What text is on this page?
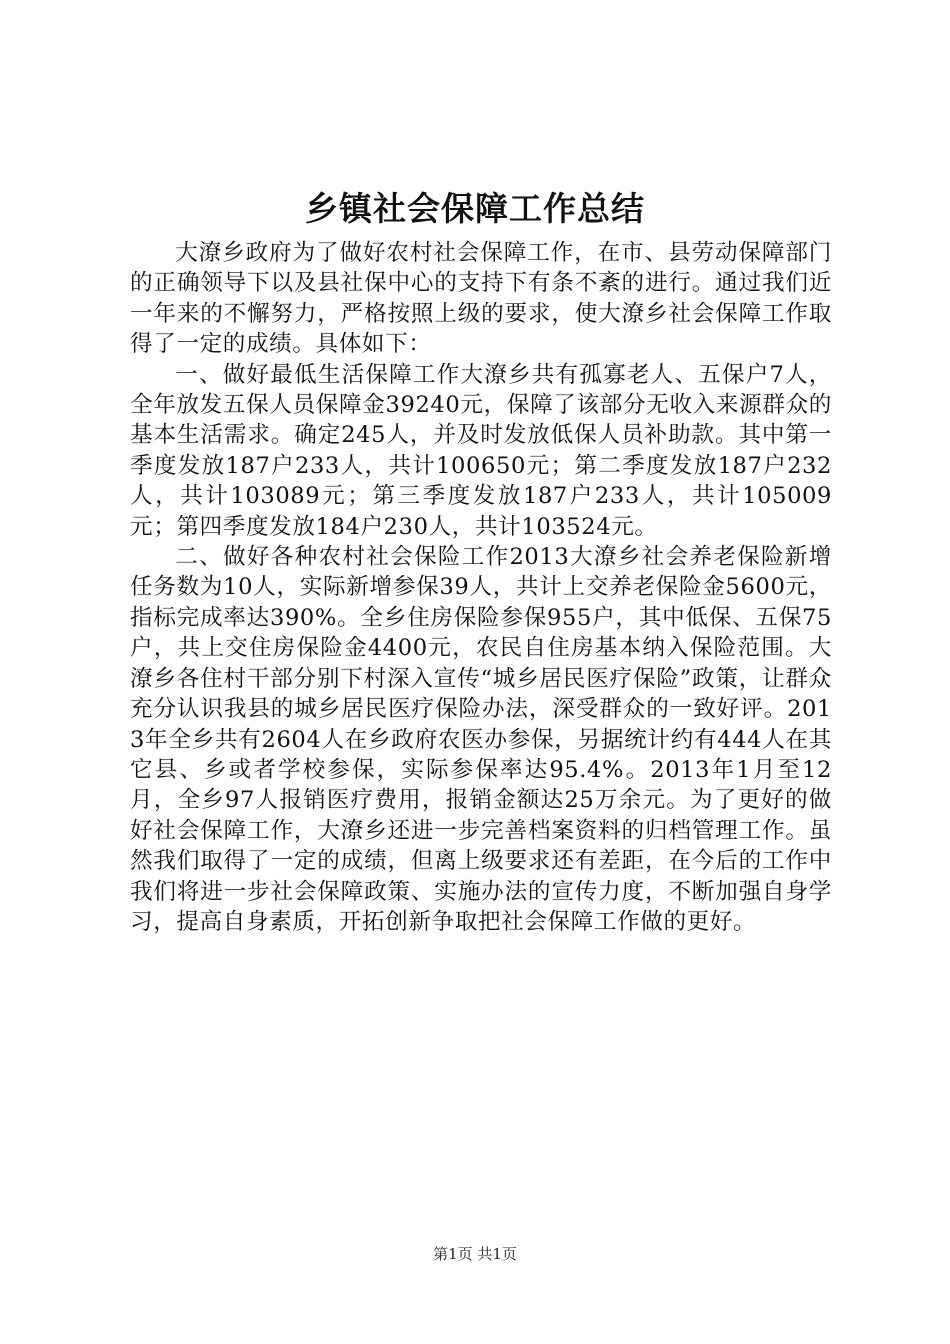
乡镇社会保障工作总结

大潦乡政府为了做好农村社会保障工作，在市、县劳动保障部门的正确领导下以及县社保中心的支持下有条不紊的进行。通过我们近一年来的不懈努力，严格按照上级的要求，使大潦乡社会保障工作取得了一定的成绩。具体如下：

一、做好最低生活保障工作大潦乡共有孤寡老人、五保户7人，全年放发五保人员保障金39240元，保障了该部分无收入来源群众的基本生活需求。确定245人，并及时发放低保人员补助款。其中第一季度发放187户233人，共计100650元；第二季度发放187户232人，共计103089元；第三季度发放187户233人，共计105009元；第四季度发放184户230人，共计103524元。

二、做好各种农村社会保险工作2013大潦乡社会养老保险新增任务数为10人，实际新增参保39人，共计上交养老保险金5600元，指标完成率达390%。全乡住房保险参保955户，其中低保、五保75户，共上交住房保险金4400元，农民自住房基本纳入保险范围。大潦乡各住村干部分别下村深入宣传“城乡居民医疗保险”政策，让群众充分认识我县的城乡居民医疗保险办法，深受群众的一致好评。2013年全乡共有2604人在乡政府农医办参保，另据统计约有444人在其它县、乡或者学校参保，实际参保率达95.4%。2013年1月至12月，全乡97人报销医疗费用，报销金额达25万余元。为了更好的做好社会保障工作，大潦乡还进一步完善档案资料的归档管理工作。虽然我们取得了一定的成绩，但离上级要求还有差距，在今后的工作中我们将进一步社会保障政策、实施办法的宣传力度，不断加强自身学习，提高自身素质，开拓创新争取把社会保障工作做的更好。

第1页 共1页
